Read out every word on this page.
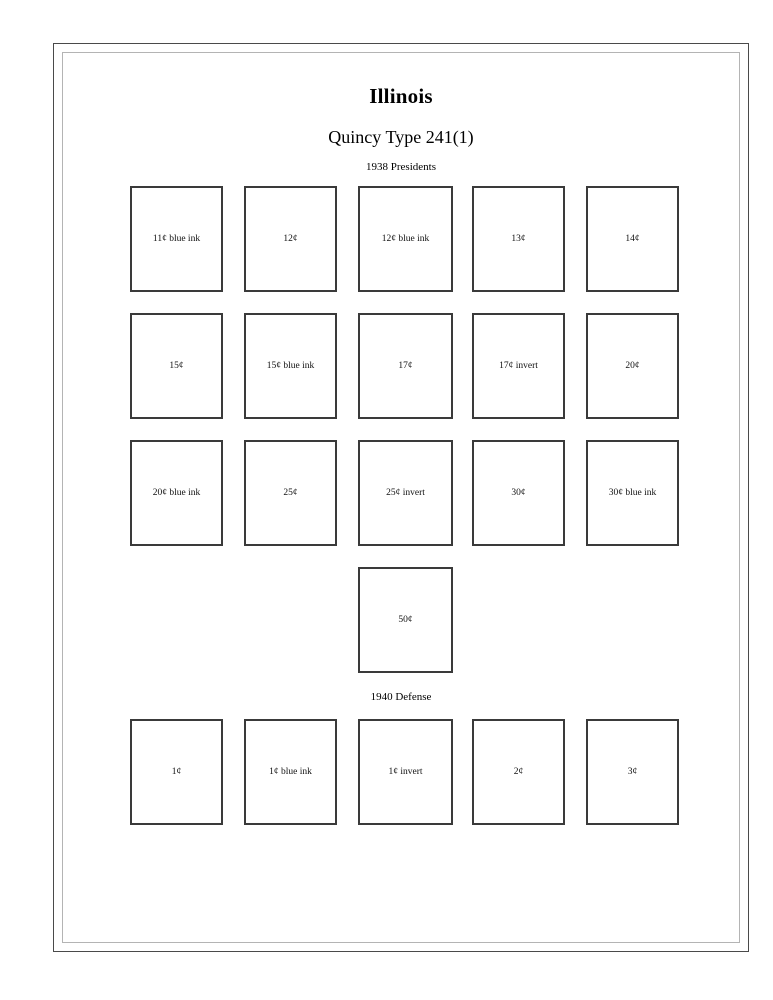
Illinois
Quincy Type 241(1)
1938 Presidents
1940 Defense
11¢ blue ink	12¢	12¢ blue ink	13¢	14¢
15¢	15¢ blue ink	17¢	17¢ invert	20¢
20¢ blue ink	25¢	25¢ invert	30¢	30¢ blue ink
50¢
1¢	1¢ blue ink	1¢ invert	2¢	3¢
